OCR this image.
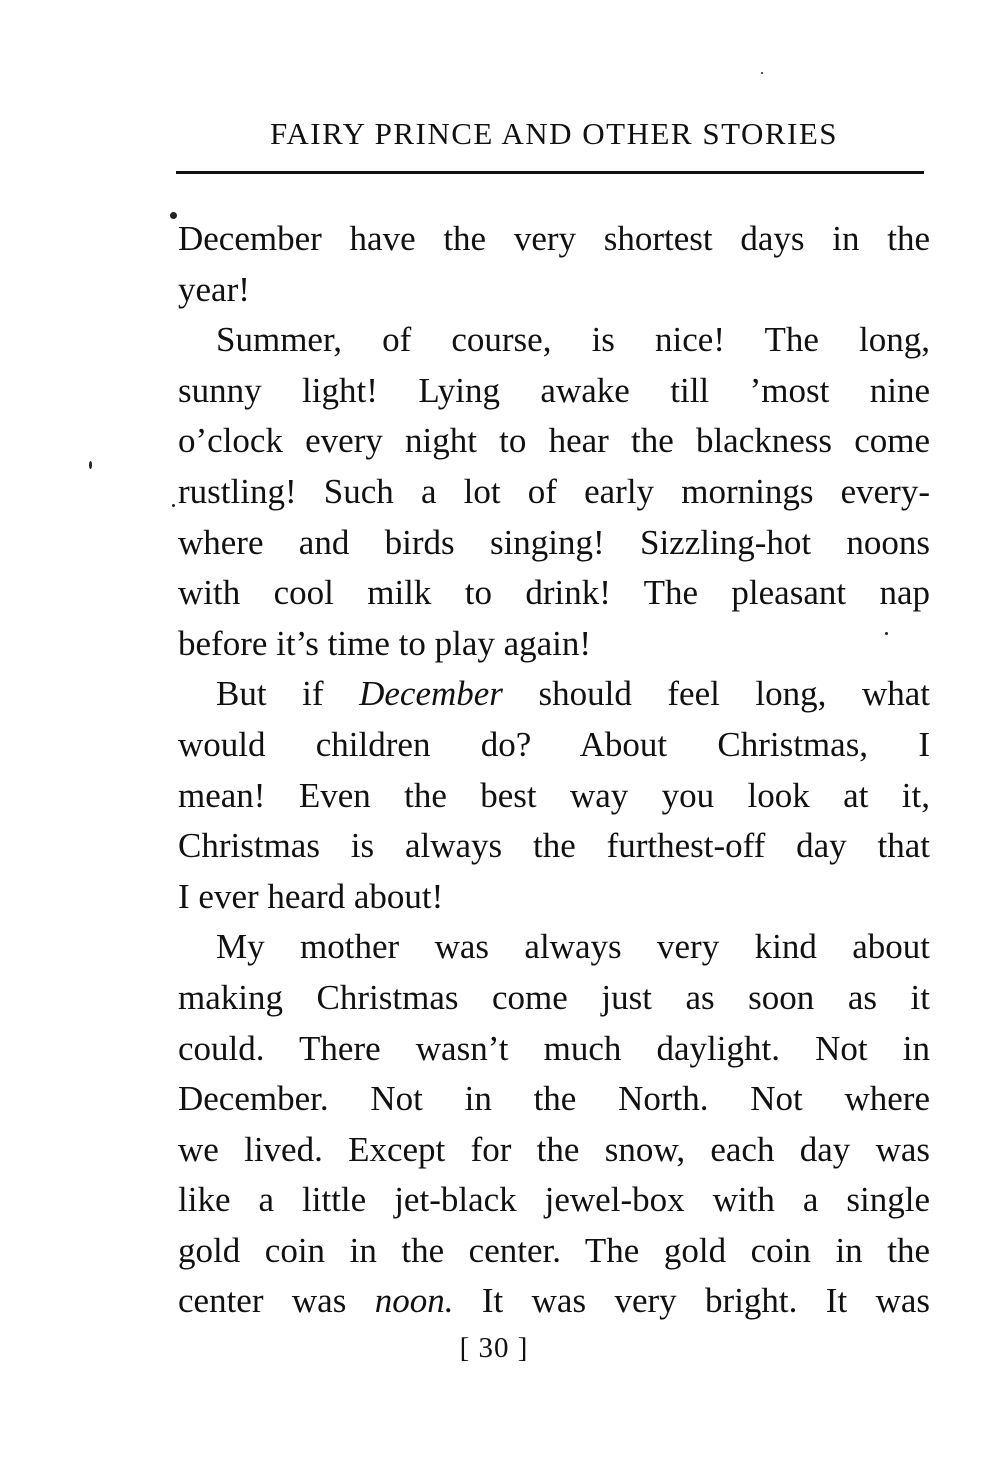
FAIRY PRINCE AND OTHER STORIES
December have the very shortest days in the
year!
Summer, of course, is nice! The long,
sunny light! Lying awake till ’most nine
o’clock every night to hear the blackness come
rustling! Such a lot of early mornings every-
where and birds singing! Sizzling-hot noons
with cool milk to drink! The pleasant nap
before it’s time to play again!
But if December should feel long, what
would children do? About Christmas, I
mean! Even the best way you look at it,
Christmas is always the furthest-off day that
I ever heard about!
My mother was always very kind about
making Christmas come just as soon as it
could. There wasn’t much daylight. Not in
December. Not in the North. Not where
we lived. Except for the snow, each day was
like a little jet-black jewel-box with a single
gold coin in the center. The gold coin in the
center was noon. It was very bright. It was
[ 30 ]
